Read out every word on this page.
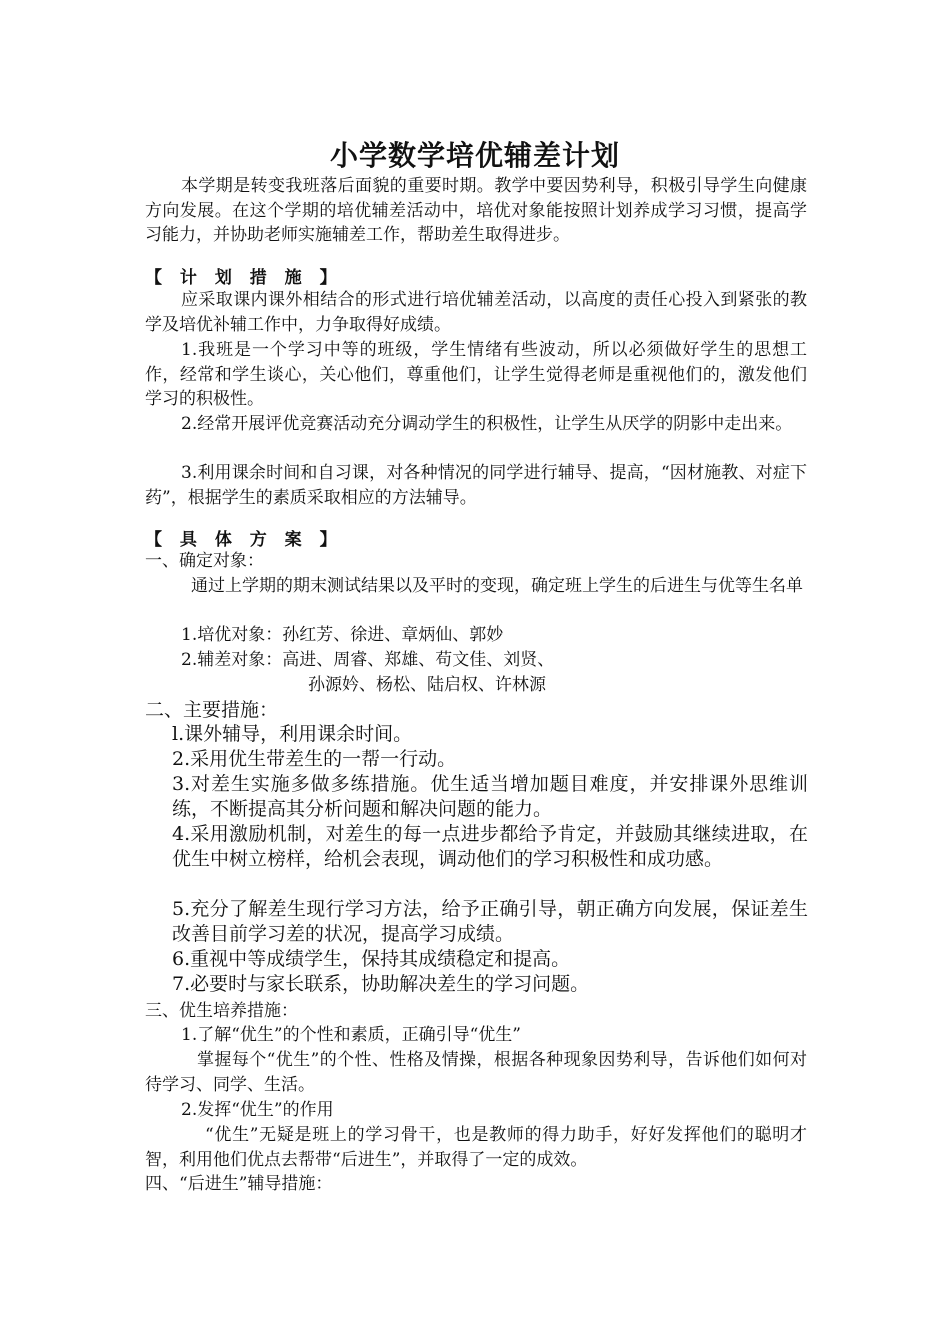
小学数学培优辅差计划
本学期是转变我班落后面貌的重要时期。教学中要因势利导，积极引导学生向健康方向发展。在这个学期的培优辅差活动中，培优对象能按照计划养成学习习惯，提高学习能力，并协助老师实施辅差工作，帮助差生取得进步。
【 计 划 措 施 】
应采取课内课外相结合的形式进行培优辅差活动，以高度的责任心投入到紧张的教学及培优补辅工作中，力争取得好成绩。
1.我班是一个学习中等的班级，学生情绪有些波动，所以必须做好学生的思想工作，经常和学生谈心，关心他们，尊重他们，让学生觉得老师是重视他们的，激发他们学习的积极性。
2.经常开展评优竞赛活动充分调动学生的积极性，让学生从厌学的阴影中走出来。
3.利用课余时间和自习课，对各种情况的同学进行辅导、提高，“因材施教、对症下药”，根据学生的素质采取相应的方法辅导。
【 具 体 方 案 】
一、确定对象：
通过上学期的期末测试结果以及平时的变现，确定班上学生的后进生与优等生名单
1.培优对象：孙红芳、徐进、章炳仙、郭妙
2.辅差对象：高进、周睿、郑雄、苟文佳、刘贤、
孙源妗、杨松、陆启权、许林源
二、主要措施：
l.课外辅导，利用课余时间。
2.采用优生带差生的一帮一行动。
3.对差生实施多做多练措施。优生适当增加题目难度，并安排课外思维训练，不断提高其分析问题和解决问题的能力。
4.采用激励机制，对差生的每一点进步都给予肯定，并鼓励其继续进取，在优生中树立榜样，给机会表现，调动他们的学习积极性和成功感。
5.充分了解差生现行学习方法，给予正确引导，朝正确方向发展，保证差生改善目前学习差的状况，提高学习成绩。
6.重视中等成绩学生，保持其成绩稳定和提高。
7.必要时与家长联系，协助解决差生的学习问题。
三、优生培养措施：
1.了解“优生”的个性和素质，正确引导“优生”
掌握每个“优生”的个性、性格及情操，根据各种现象因势利导，告诉他们如何对待学习、同学、生活。
2.发挥“优生”的作用
“优生”无疑是班上的学习骨干，也是教师的得力助手，好好发挥他们的聪明才智，利用他们优点去帮带“后进生”，并取得了一定的成效。
四、“后进生”辅导措施：
